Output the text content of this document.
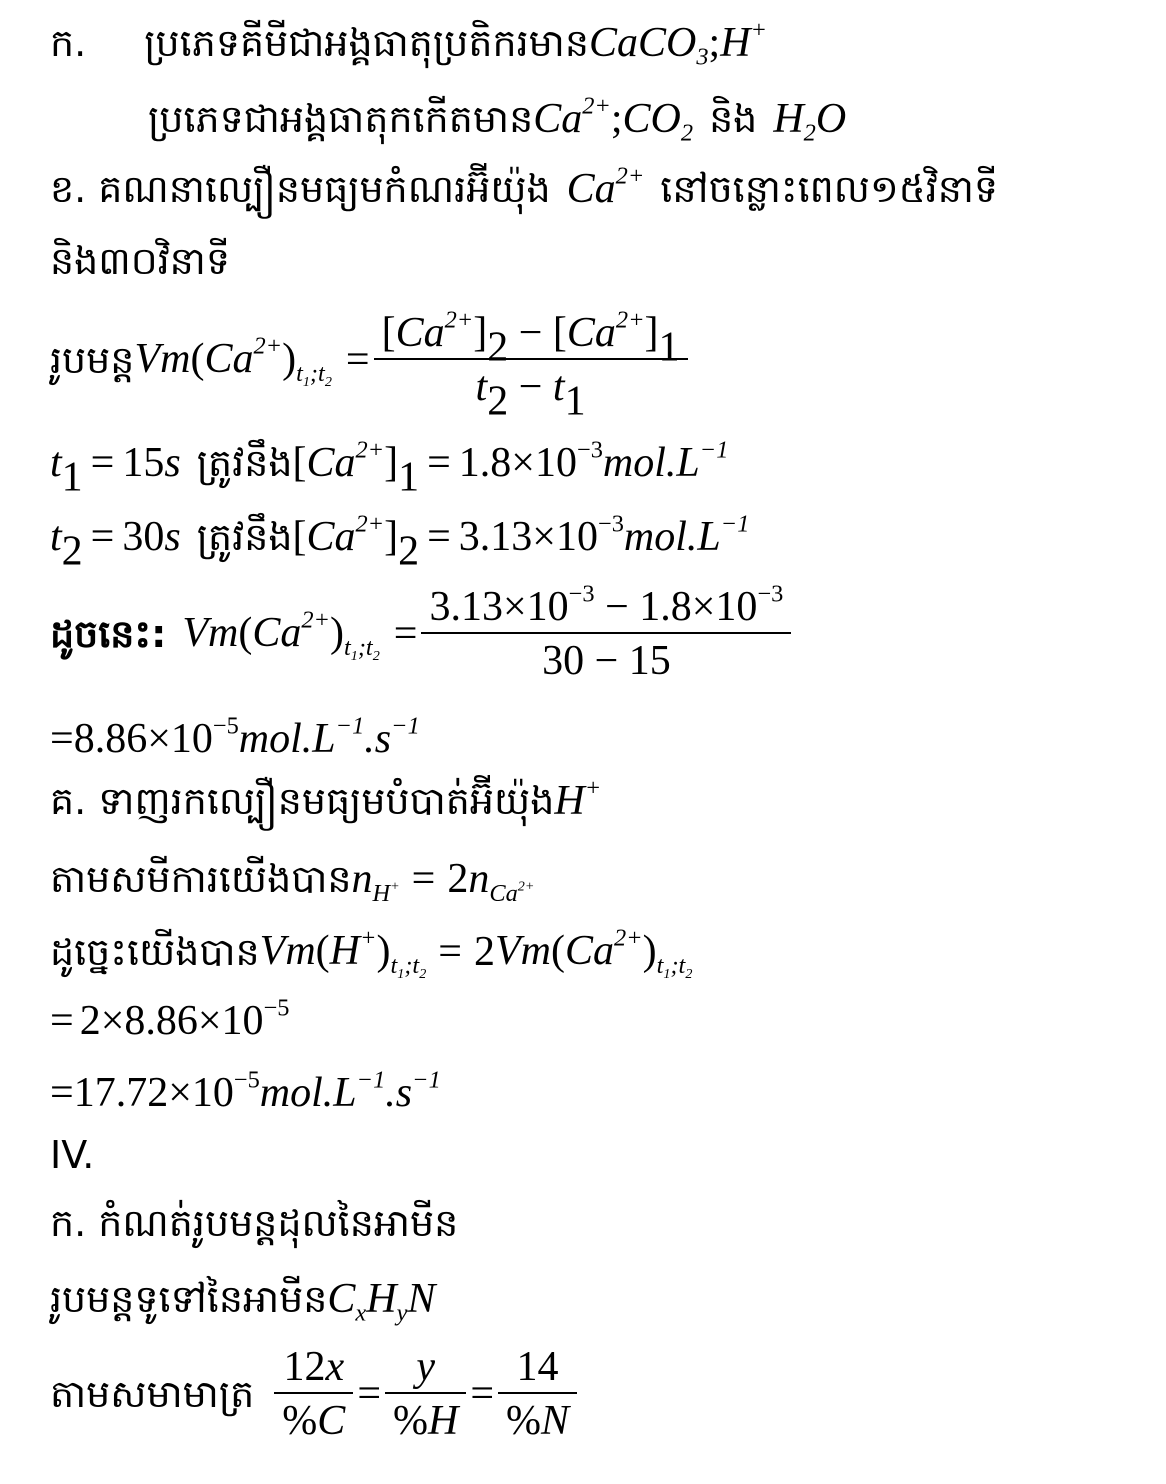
ក. ប្រភេទគីមីជាអង្គធាតុប្រតិករមាន CaCO$_3$;H+
ប្រភេទជាអង្គធាតុកកើតមាន $Ca^{2+};CO_2$ និង $H_2O$
ខ. គណនាល្បឿនមធ្យមកំណរអ៊ីយ៉ុង $Ca^{2+}$ នៅចន្លោះពេល១៥វិនាទី
និង៣០វិនាទី
រូបមន្ត $Vm(Ca^{2+})_{t_1;t_2} = \frac{[Ca^{2+}]_2 - [Ca^{2+}]_1}{t_2 - t_1}$
$t_1 = 15$ s ត្រូវនឹង $[Ca^{2+}]_1 = 1.8 \times 10^{-3}$ $mol.L^{-1}$
$t_2 = 30$ s ត្រូវនឹង $[Ca^{2+}]_2 = 3.13 \times 10^{-3}$ $mol.L^{-1}$
ដូចនេះ : $Vm(Ca^{2+})_{t_1;t_2} = \frac{3.13\times 10^{-3} - 1.8\times 10^{-3}}{30 - 15}$
= $8.86 \times 10^{-5}$ $mol.L^{-1}.s^{-1}$
គ. ទាញរកល្បឿនមធ្យមបំបាត់អ៊ីយ៉ុង H+
តាមសមីការយើងបាន $n_{H^+} = 2$ $n_{Ca^{2+}}$
ដូច្នេះយើងបាន $Vm(H^+)_{t_1;t_2} = 2$ $Vm(Ca^{2+})_{t_1;t_2}$
= $2 \times 8.86 \times 10^{-5}$
= $17.72 \times 10^{-5}$ $mol.L^{-1}.s^{-1}$
IV.
ក. កំណត់រូបមន្តដុលនៃអាមីន
រូបមន្តទូទៅនៃអាមីន $C_xH_yN$
តាមសមាមាត្រ $\frac{12x}{\%C} = \frac{y}{\%H} = \frac{14}{\%N}$
